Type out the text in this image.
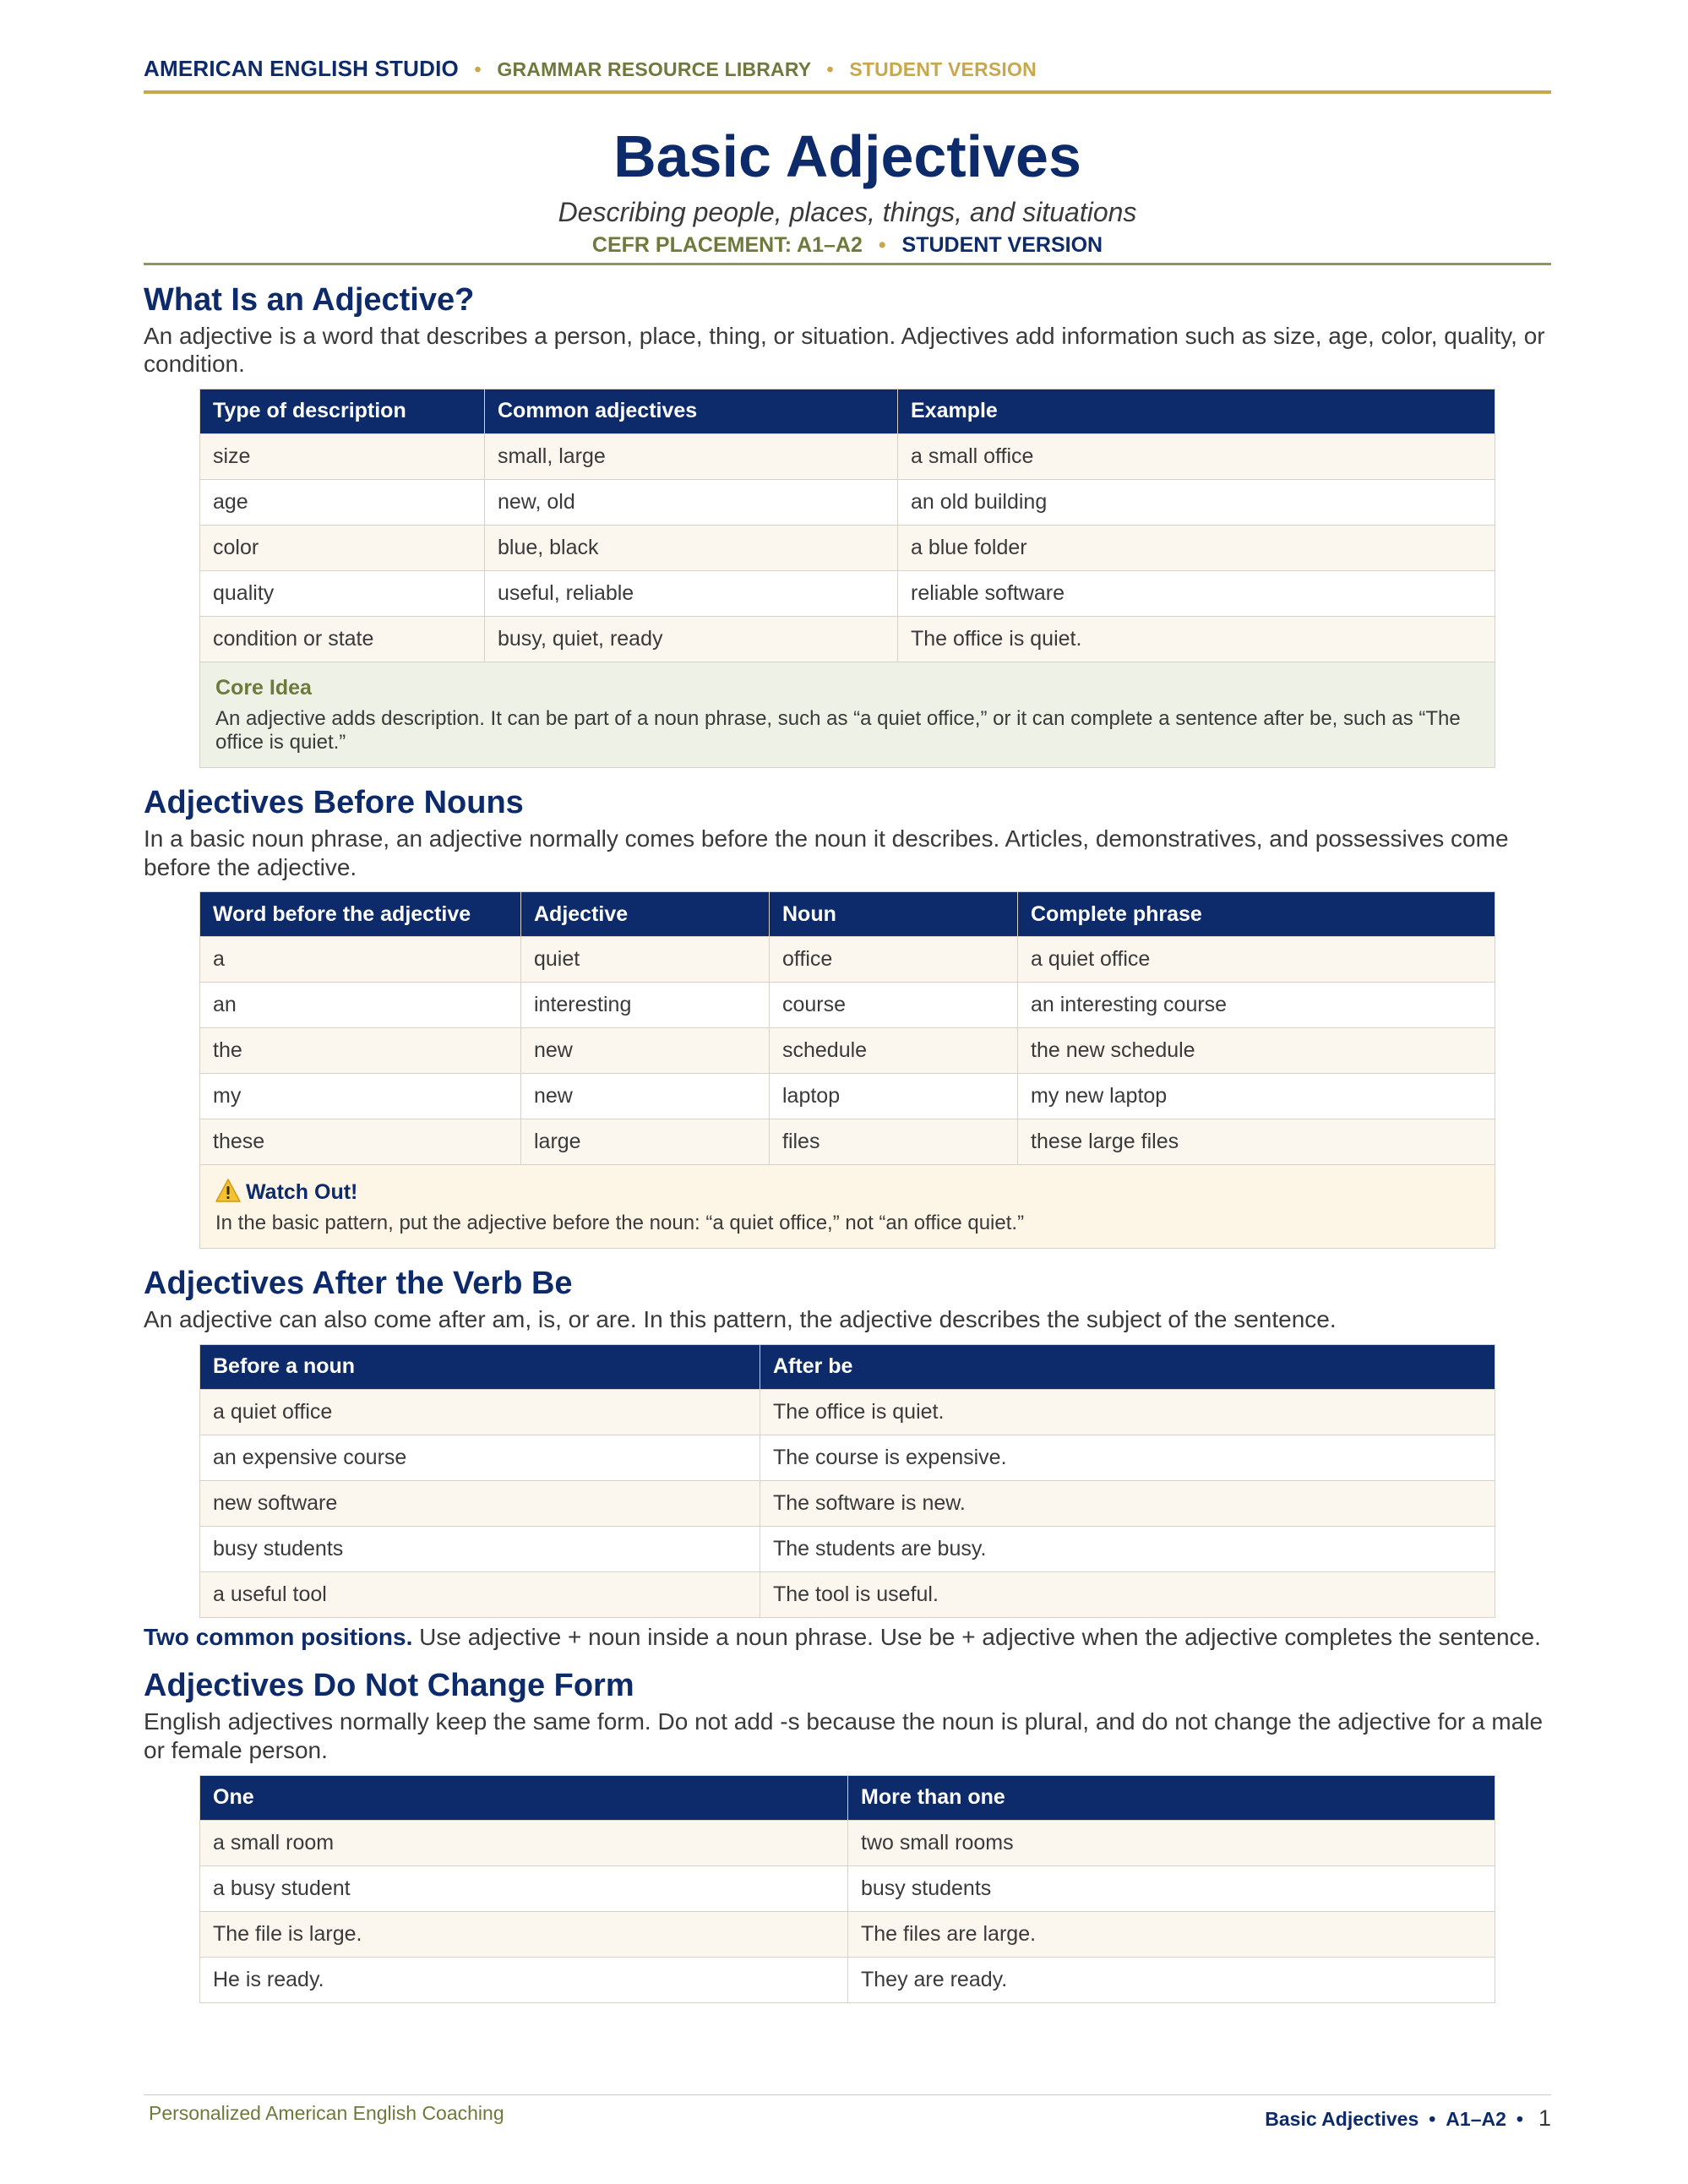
AMERICAN ENGLISH STUDIO • GRAMMAR RESOURCE LIBRARY • STUDENT VERSION
Basic Adjectives
Describing people, places, things, and situations
CEFR PLACEMENT: A1–A2 • STUDENT VERSION
What Is an Adjective?

An adjective is a word that describes a person, place, thing, or situation. Adjectives add information such as size, age, color, quality, or condition.

Type of description	Common adjectives	Example
size	small, large	a small office
age	new, old	an old building
color	blue, black	a blue folder
quality	useful, reliable	reliable software
condition or state	busy, quiet, ready	The office is quiet.
Core Idea
An adjective adds description. It can be part of a noun phrase, such as “a quiet office,” or it can complete a sentence after be, such as “The office is quiet.”
Adjectives Before Nouns

In a basic noun phrase, an adjective normally comes before the noun it describes. Articles, demonstratives, and possessives come before the adjective.

Word before the adjective	Adjective	Noun	Complete phrase
a	quiet	office	a quiet office
an	interesting	course	an interesting course
the	new	schedule	the new schedule
my	new	laptop	my new laptop
these	large	files	these large files
Watch Out!
In the basic pattern, put the adjective before the noun: “a quiet office,” not “an office quiet.”
Adjectives After the Verb Be

An adjective can also come after am, is, or are. In this pattern, the adjective describes the subject of the sentence.

Before a noun	After be
a quiet office	The office is quiet.
an expensive course	The course is expensive.
new software	The software is new.
busy students	The students are busy.
a useful tool	The tool is useful.

Two common positions. Use adjective + noun inside a noun phrase. Use be + adjective when the adjective completes the sentence.

Adjectives Do Not Change Form

English adjectives normally keep the same form. Do not add -s because the noun is plural, and do not change the adjective for a male or female person.

One	More than one
a small room	two small rooms
a busy student	busy students
The file is large.	The files are large.
He is ready.	They are ready.
Personalized American English Coaching	Basic Adjectives • A1–A2 • 1
